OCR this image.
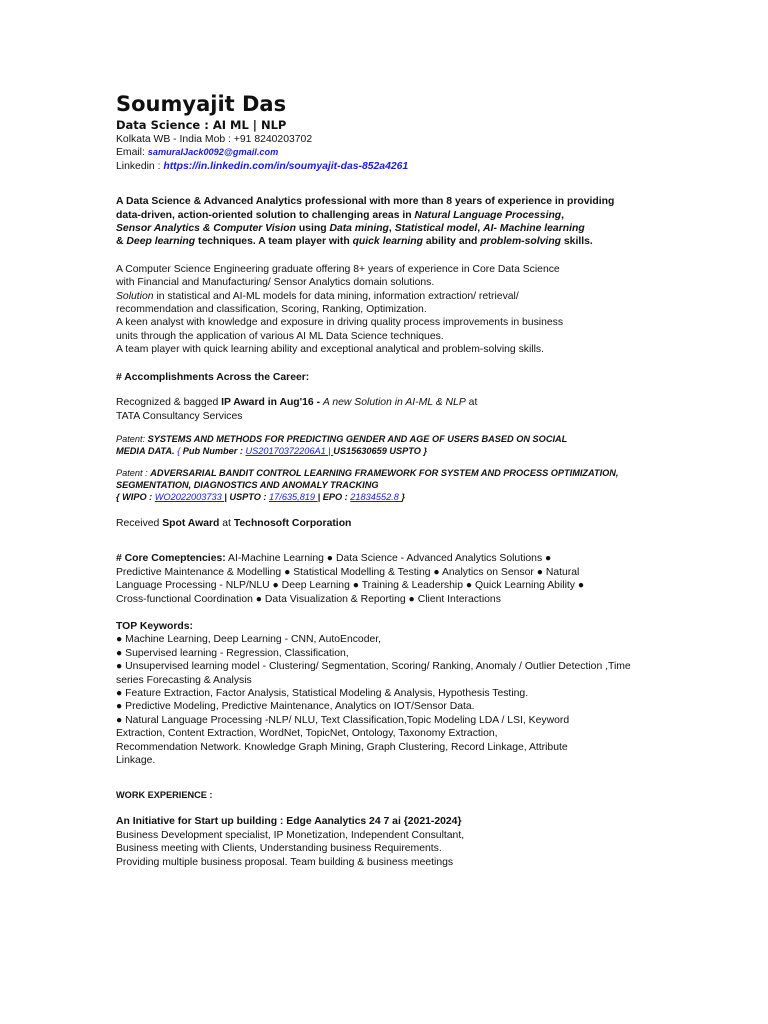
Soumyajit Das

Data Science : AI ML | NLP

Kolkata WB - India Mob : +91 8240203702

Email: samuraIJack0092@gmail.com

Linkedin : https://in.linkedin.com/in/soumyajit-das-852a4261

A Data Science & Advanced Analytics professional with more than 8 years of experience in providing

data-driven, action-oriented solution to challenging areas in Natural Language Processing,

Sensor Analytics & Computer Vision using Data mining, Statistical model, AI- Machine learning

& Deep learning techniques. A team player with quick learning ability and problem-solving skills.

A Computer Science Engineering graduate offering 8+ years of experience in Core Data Science

with Financial and Manufacturing/ Sensor Analytics domain solutions.

Solution in statistical and AI-ML models for data mining, information extraction/ retrieval/

recommendation and classification, Scoring, Ranking, Optimization.

A keen analyst with knowledge and exposure in driving quality process improvements in business

units through the application of various AI ML Data Science techniques.

A team player with quick learning ability and exceptional analytical and problem-solving skills.

# Accomplishments Across the Career:

Recognized & bagged IP Award in Aug'16 - A new Solution in AI-ML & NLP at

TATA Consultancy Services

Patent: SYSTEMS AND METHODS FOR PREDICTING GENDER AND AGE OF USERS BASED ON SOCIAL

MEDIA DATA. { Pub Number : US20170372206A1 | US15630659 USPTO }

Patent : ADVERSARIAL BANDIT CONTROL LEARNING FRAMEWORK FOR SYSTEM AND PROCESS OPTIMIZATION,

SEGMENTATION, DIAGNOSTICS AND ANOMALY TRACKING

{ WIPO : WO2022003733 | USPTO : 17/635,819 | EPO : 21834552.8 }

Received Spot Award at Technosoft Corporation

# Core Comeptencies: AI-Machine Learning ● Data Science - Advanced Analytics Solutions ●

Predictive Maintenance & Modelling ● Statistical Modelling & Testing ● Analytics on Sensor ● Natural

Language Processing - NLP/NLU ● Deep Learning ● Training & Leadership ● Quick Learning Ability ●

Cross-functional Coordination ● Data Visualization & Reporting ● Client Interactions

TOP Keywords:

● Machine Learning, Deep Learning - CNN, AutoEncoder,

● Supervised learning - Regression, Classification,

● Unsupervised learning model - Clustering/ Segmentation, Scoring/ Ranking, Anomaly / Outlier Detection ,Time

series Forecasting & Analysis

● Feature Extraction, Factor Analysis, Statistical Modeling & Analysis, Hypothesis Testing.

● Predictive Modeling, Predictive Maintenance, Analytics on IOT/Sensor Data.

● Natural Language Processing -NLP/ NLU, Text Classification,Topic Modeling LDA / LSI, Keyword

Extraction, Content Extraction, WordNet, TopicNet, Ontology, Taxonomy Extraction,

Recommendation Network. Knowledge Graph Mining, Graph Clustering, Record Linkage, Attribute

Linkage.

WORK EXPERIENCE :

An Initiative for Start up building : Edge Aanalytics 24 7 ai {2021-2024}

Business Development specialist, IP Monetization, Independent Consultant,

Business meeting with Clients, Understanding business Requirements.

Providing multiple business proposal. Team building & business meetings
